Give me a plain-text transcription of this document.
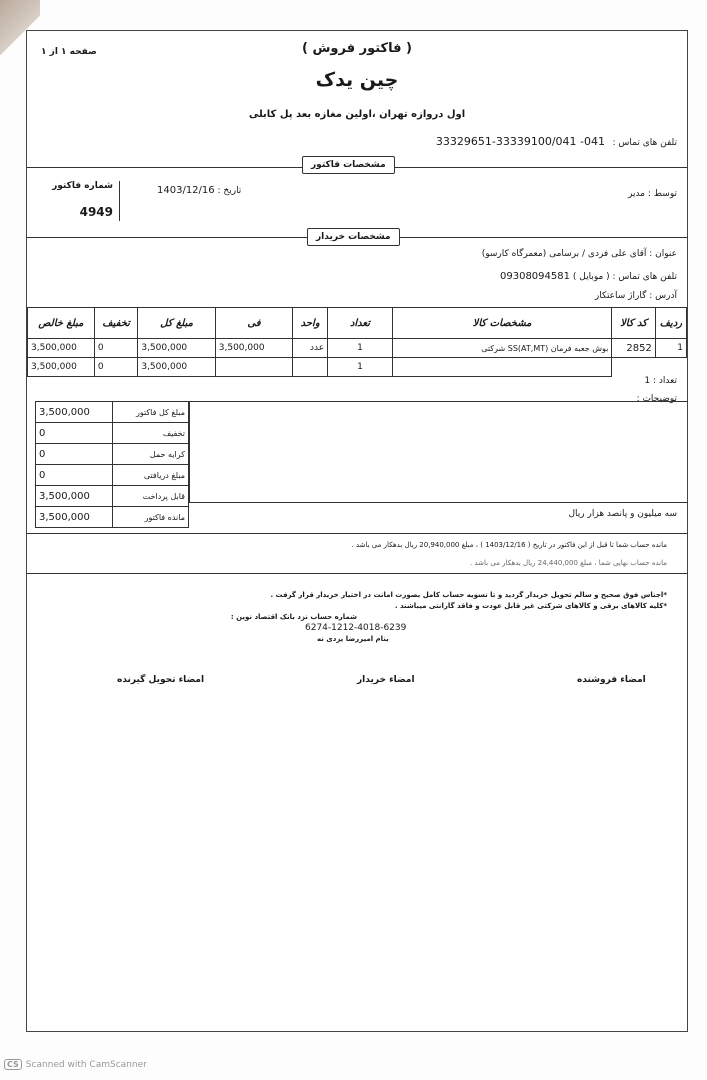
صفحه ۱ از ۱	( فاکتور فروش )
چین یدک
اول دروازه تهران ،اولین مغازه بعد پل کابلی
تلفن های تماس : 33329651-33339100/041 -041
مشخصات فاکتور
توسط : مدیر
تاریخ : 1403/12/16
شماره فاکتور
4949
مشخصات خریدار
عنوان : آقای علی فردی / برسامی (معمرگاه کارسو)
تلفن های تماس : ( موبایل ) 09308094581
آدرس : گاراژ ساعتکار
ردیف	کد کالا	مشخصات کالا	تعداد	واحد	فی	مبلغ کل	تخفیف	مبلغ خالص
1	2852	بوش جعبه فرمان (SS(AT,MT شرکتی	1	عدد	3,500,000	3,500,000	0	3,500,000
			1			3,500,000	0	3,500,000
تعداد : 1
توضیحات :
مبلغ کل فاکتور	3,500,000
تخفیف	0
کرایه حمل	0
مبلغ دریافتی	0
قابل پرداخت	3,500,000
مانده فاکتور	3,500,000	سه میلیون و پانصد هزار ریال
مانده حساب شما تا قبل از این فاکتور در تاریخ ( 1403/12/16 ) ، مبلغ 20,940,000 ریال بدهکار می باشد .
مانده حساب نهایی شما ، مبلغ 24,440,000 ریال بدهکار می باشد .
*اجناس فوق صحیح و سالم تحویل خریدار گردید و تا تسویه حساب کامل بصورت امانت در اختیار خریدار قرار گرفت .
*کلیه کالاهای برقی و کالاهای شرکتی غیر قابل عودت و فاقد گارانتی میباشند .
شماره حساب نزد بانک اقتصاد نوین :
6274-1212-4018-6239
بنام امیررضا یزدی نه
امضاء فروشنده
امضاء خریدار
امضاء تحویل گیرنده
CS Scanned with CamScanner
